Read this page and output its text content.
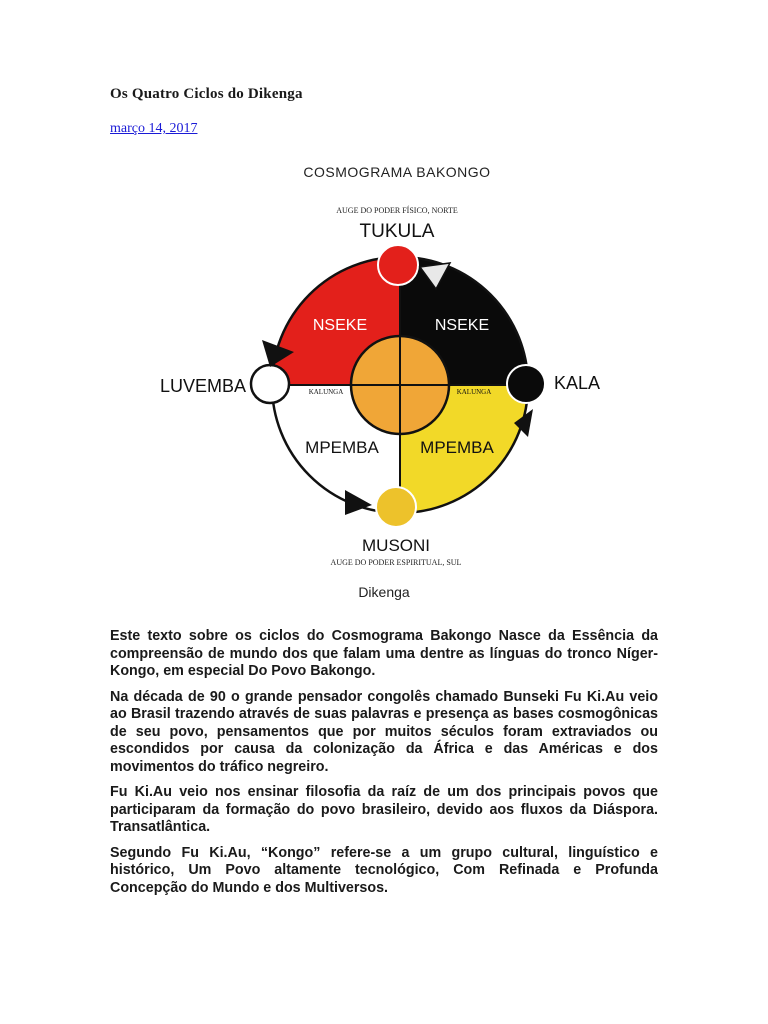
Os Quatro Ciclos do Dikenga
março 14, 2017
COSMOGRAMA BAKONGO
AUGE DO PODER FÍSICO, NORTE
TUKULA
NSEKE	NSEKE
MPEMBA MPEMBA
KALUNGA	KALUNGA
LUVEMBA	KALA
MUSONI
AUGE DO PODER ESPIRITUAL, SUL
Dikenga

Este texto sobre os ciclos do Cosmograma Bakongo Nasce da Essência da compreensão de mundo dos que falam uma dentre as línguas do tronco Níger-Kongo, em especial Do Povo Bakongo.

Na década de 90 o grande pensador congolês chamado Bunseki Fu Ki.Au veio ao Brasil trazendo através de suas palavras e presença as bases cosmogônicas de seu povo, pensamentos que por muitos séculos foram extraviados ou escondidos por causa da colonização da África e das Américas e dos movimentos do tráfico negreiro.

Fu Ki.Au veio nos ensinar filosofia da raíz de um dos principais povos que participaram da formação do povo brasileiro, devido aos fluxos da Diáspora. Transatlântica.

Segundo Fu Ki.Au, “Kongo” refere-se a um grupo cultural, linguístico e histórico, Um Povo altamente tecnológico, Com Refinada e Profunda Concepção do Mundo e dos Multiversos.
